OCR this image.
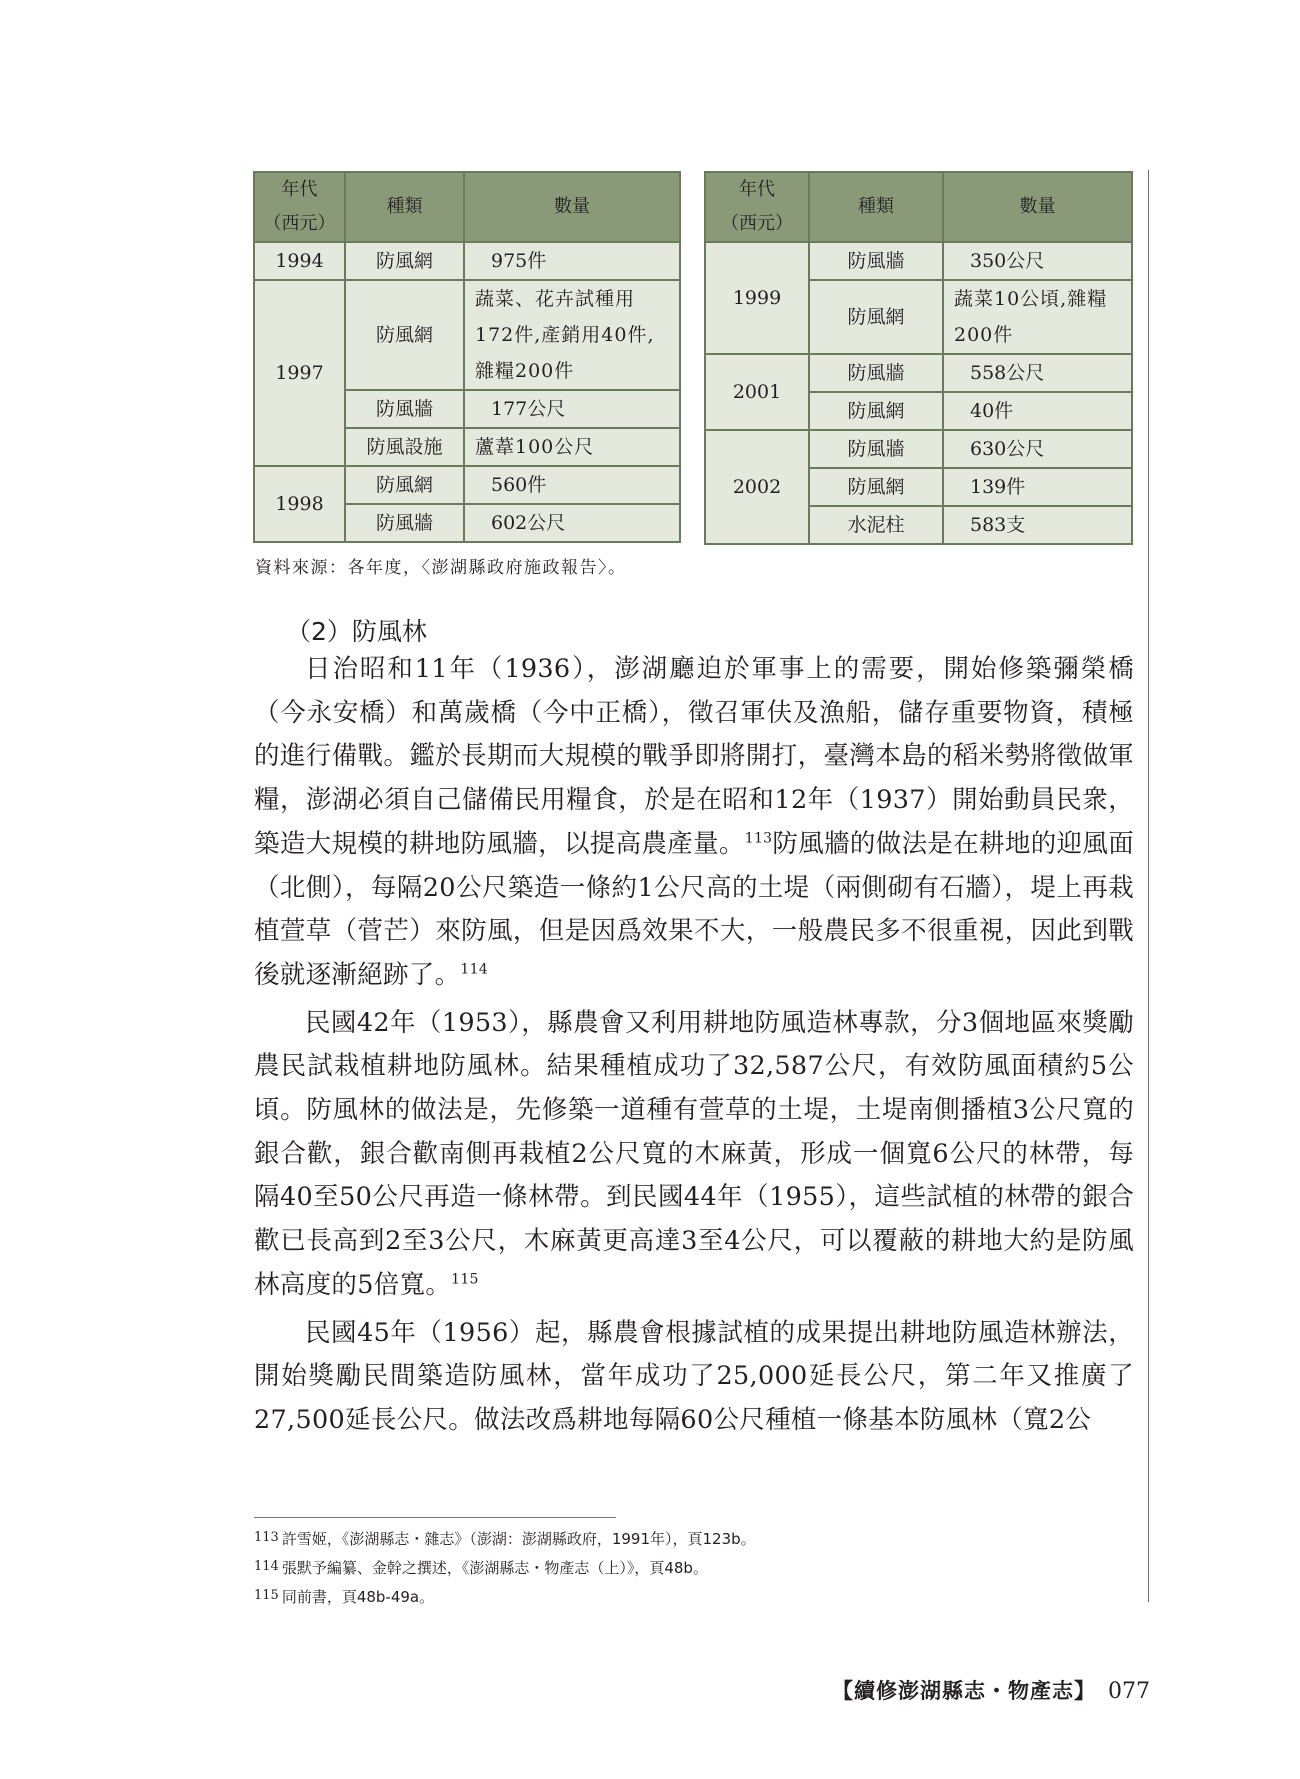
年代
（西元）	種類	數量
1994	防風網	975件
1997	防風網	蔬菜、花卉試種用
172件,產銷用40件,
雜糧200件
	防風牆	177公尺
	防風設施	蘆葦100公尺
1998	防風網	560件
	防風牆	602公尺
年代
（西元）	種類	數量
1999	防風牆	350公尺
	防風網	蔬菜10公頃,雜糧
200件
2001	防風牆	558公尺
	防風網	40件
2002	防風牆	630公尺
	防風網	139件
	水泥柱	583支
資料來源：各年度，〈澎湖縣政府施政報告〉。
（2）防風林

日治昭和11年（1936），澎湖廳迫於軍事上的需要，開始修築彌榮橋（今永安橋）和萬歲橋（今中正橋），徵召軍伕及漁船，儲存重要物資，積極的進行備戰。鑑於長期而大規模的戰爭即將開打，臺灣本島的稻米勢將徵做軍糧，澎湖必須自己儲備民用糧食，於是在昭和12年（1937）開始動員民衆，築造大規模的耕地防風牆，以提高農產量。$^{113}$防風牆的做法是在耕地的迎風面（北側），每隔20公尺築造一條約1公尺高的土堤（兩側砌有石牆），堤上再栽植萱草（菅芒）來防風，但是因爲效果不大，一般農民多不很重視，因此到戰後就逐漸絕跡了。$^{114}$

民國42年（1953），縣農會又利用耕地防風造林專款，分3個地區來獎勵農民試栽植耕地防風林。結果種植成功了32,587公尺，有效防風面積約5公頃。防風林的做法是，先修築一道種有萱草的土堤，土堤南側播植3公尺寬的銀合歡，銀合歡南側再栽植2公尺寬的木麻黃，形成一個寬6公尺的林帶，每隔40至50公尺再造一條林帶。到民國44年（1955），這些試植的林帶的銀合歡已長高到2至3公尺，木麻黃更高達3至4公尺，可以覆蔽的耕地大約是防風林高度的5倍寬。$^{115}$

民國45年（1956）起，縣農會根據試植的成果提出耕地防風造林辦法，開始獎勵民間築造防風林，當年成功了25,000延長公尺，第二年又推廣了27,500延長公尺。做法改爲耕地每隔60公尺種植一條基本防風林（寬2公

113 許雪姬，《澎湖縣志・雜志》（澎湖：澎湖縣政府，1991年），頁123b。
114 張默予編纂、金幹之撰述，《澎湖縣志・物產志（上）》，頁48b。
115 同前書，頁48b-49a。
【續修澎湖縣志・物產志】 077
